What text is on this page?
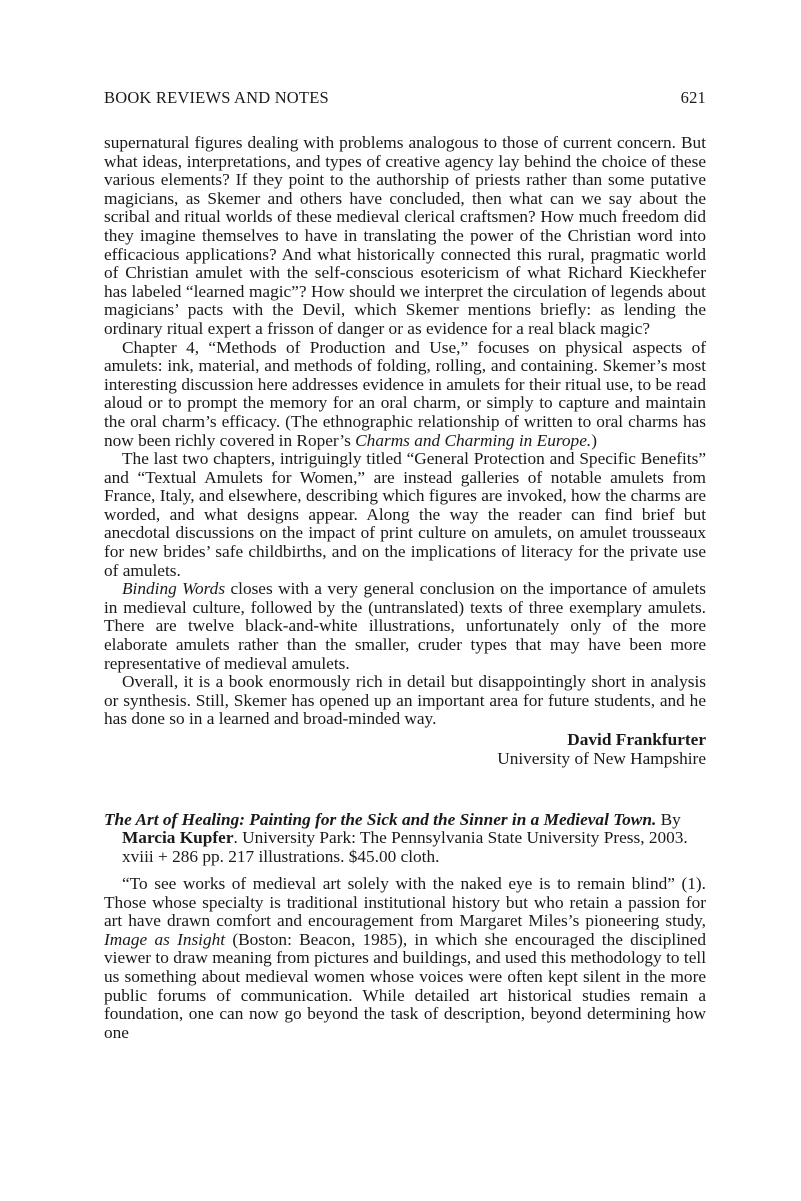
BOOK REVIEWS AND NOTES	621

supernatural figures dealing with problems analogous to those of current concern. But what ideas, interpretations, and types of creative agency lay behind the choice of these various elements? If they point to the authorship of priests rather than some putative magicians, as Skemer and others have concluded, then what can we say about the scribal and ritual worlds of these medieval clerical craftsmen? How much freedom did they imagine themselves to have in translating the power of the Christian word into efficacious applications? And what historically connected this rural, pragmatic world of Christian amulet with the self-conscious esotericism of what Richard Kieckhefer has labeled “learned magic”? How should we interpret the circulation of legends about magicians’ pacts with the Devil, which Skemer mentions briefly: as lending the ordinary ritual expert a frisson of danger or as evidence for a real black magic?

Chapter 4, “Methods of Production and Use,” focuses on physical aspects of amulets: ink, material, and methods of folding, rolling, and containing. Skemer’s most interesting discussion here addresses evidence in amulets for their ritual use, to be read aloud or to prompt the memory for an oral charm, or simply to capture and maintain the oral charm’s efficacy. (The ethnographic relationship of written to oral charms has now been richly covered in Roper’s Charms and Charming in Europe.)

The last two chapters, intriguingly titled “General Protection and Specific Benefits” and “Textual Amulets for Women,” are instead galleries of notable amulets from France, Italy, and elsewhere, describing which figures are invoked, how the charms are worded, and what designs appear. Along the way the reader can find brief but anecdotal discussions on the impact of print culture on amulets, on amulet trousseaux for new brides’ safe childbirths, and on the implications of literacy for the private use of amulets.

Binding Words closes with a very general conclusion on the importance of amulets in medieval culture, followed by the (untranslated) texts of three exemplary amulets. There are twelve black-and-white illustrations, unfortunately only of the more elaborate amulets rather than the smaller, cruder types that may have been more representative of medieval amulets.

Overall, it is a book enormously rich in detail but disappointingly short in analysis or synthesis. Still, Skemer has opened up an important area for future students, and he has done so in a learned and broad-minded way.

David Frankfurter
University of New Hampshire
The Art of Healing: Painting for the Sick and the Sinner in a Medieval Town. By Marcia Kupfer. University Park: The Pennsylvania State University Press, 2003. xviii + 286 pp. 217 illustrations. $45.00 cloth.

“To see works of medieval art solely with the naked eye is to remain blind” (1). Those whose specialty is traditional institutional history but who retain a passion for art have drawn comfort and encouragement from Margaret Miles’s pioneering study, Image as Insight (Boston: Beacon, 1985), in which she encouraged the disciplined viewer to draw meaning from pictures and buildings, and used this methodology to tell us something about medieval women whose voices were often kept silent in the more public forums of communication. While detailed art historical studies remain a foundation, one can now go beyond the task of description, beyond determining how one
